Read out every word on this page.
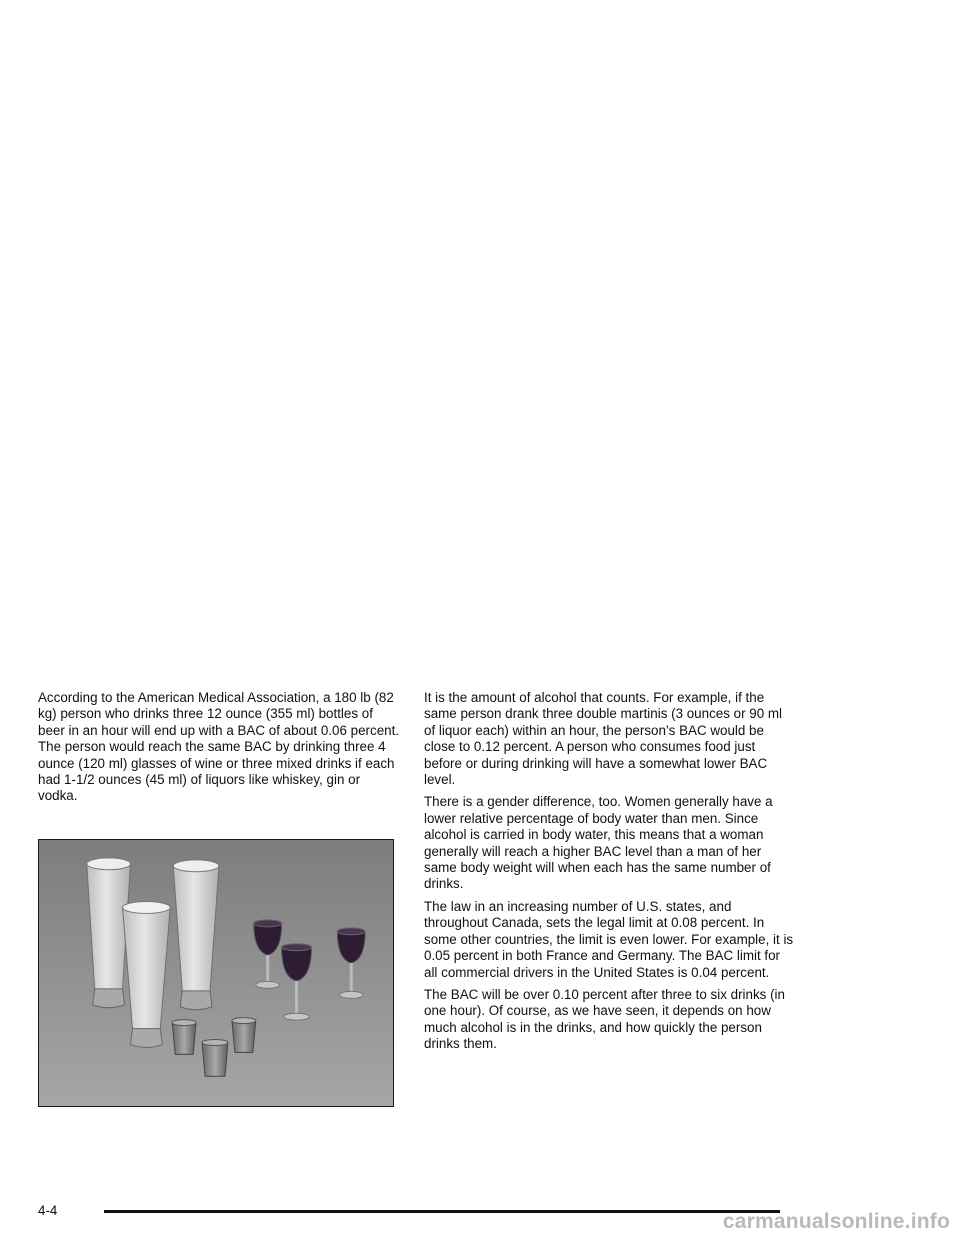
According to the American Medical Association, a 180 lb (82 kg) person who drinks three 12 ounce (355 ml) bottles of beer in an hour will end up with a BAC of about 0.06 percent. The person would reach the same BAC by drinking three 4 ounce (120 ml) glasses of wine or three mixed drinks if each had 1-1/2 ounces (45 ml) of liquors like whiskey, gin or vodka.

It is the amount of alcohol that counts. For example, if the same person drank three double martinis (3 ounces or 90 ml of liquor each) within an hour, the person’s BAC would be close to 0.12 percent. A person who consumes food just before or during drinking will have a somewhat lower BAC level.

There is a gender difference, too. Women generally have a lower relative percentage of body water than men. Since alcohol is carried in body water, this means that a woman generally will reach a higher BAC level than a man of her same body weight will when each has the same number of drinks.

The law in an increasing number of U.S. states, and throughout Canada, sets the legal limit at 0.08 percent. In some other countries, the limit is even lower. For example, it is 0.05 percent in both France and Germany. The BAC limit for all commercial drivers in the United States is 0.04 percent.

The BAC will be over 0.10 percent after three to six drinks (in one hour). Of course, as we have seen, it depends on how much alcohol is in the drinks, and how quickly the person drinks them.

4-4	carmanualsonline.info
